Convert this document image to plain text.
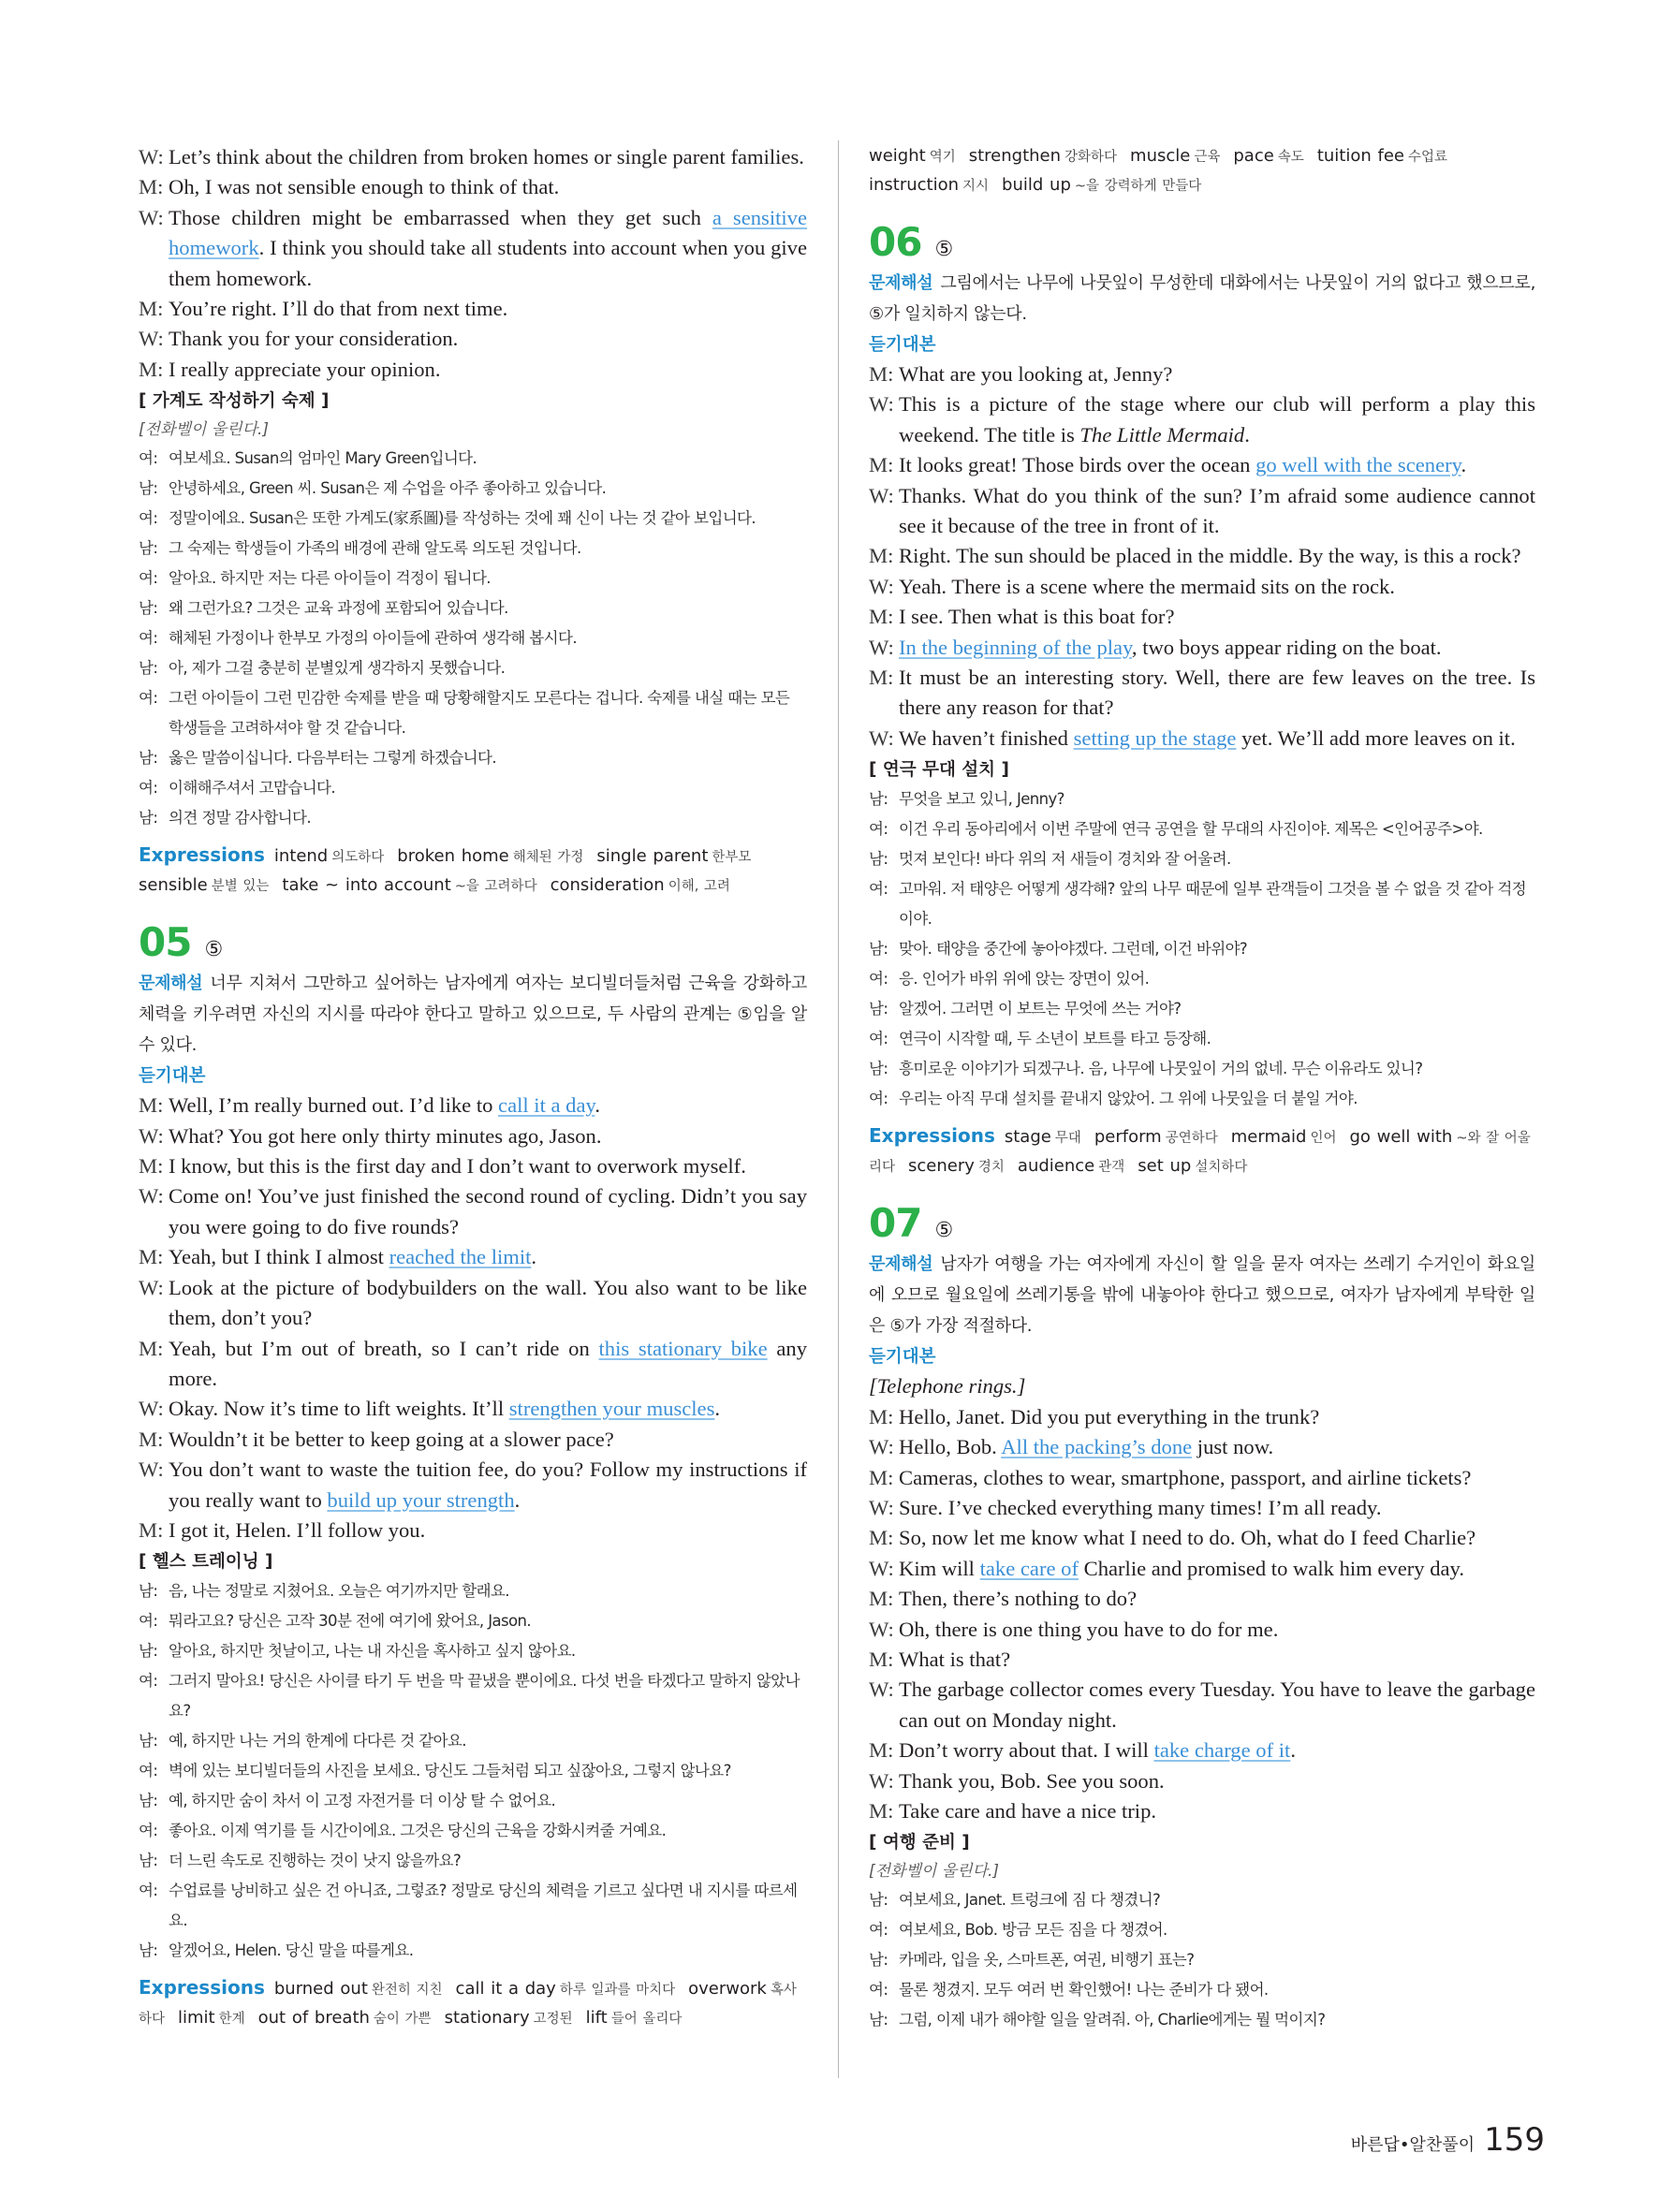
W: Let’s think about the children from broken homes or single parent families.
M: Oh, I was not sensible enough to think of that.
W: Those children might be embarrassed when they get such a sensitive homework. I think you should take all students into account when you give them homework.
M: You’re right. I’ll do that from next time.
W: Thank you for your consideration.
M: I really appreciate your opinion.
[ 가계도 작성하기 숙제 ]
[전화벨이 울린다.]
여: 여보세요. Susan의 엄마인 Mary Green입니다.
남: 안녕하세요, Green 씨. Susan은 제 수업을 아주 좋아하고 있습니다.
여: 정말이에요. Susan은 또한 가계도(家系圖)를 작성하는 것에 꽤 신이 나는 것 같아 보입니다.
남: 그 숙제는 학생들이 가족의 배경에 관해 알도록 의도된 것입니다.
여: 알아요. 하지만 저는 다른 아이들이 걱정이 됩니다.
남: 왜 그런가요? 그것은 교육 과정에 포함되어 있습니다.
여: 해체된 가정이나 한부모 가정의 아이들에 관하여 생각해 봅시다.
남: 아, 제가 그걸 충분히 분별있게 생각하지 못했습니다.
여: 그런 아이들이 그런 민감한 숙제를 받을 때 당황해할지도 모른다는 겁니다. 숙제를 내실 때는 모든 학생들을 고려하셔야 할 것 같습니다.
남: 옳은 말씀이십니다. 다음부터는 그렇게 하겠습니다.
여: 이해해주셔서 고맙습니다.
남: 의견 정말 감사합니다.
Expressions intend 의도하다 broken home 해체된 가정 single parent 한부모sensible 분별 있는 take ~ into account ~을 고려하다 consideration 이해, 고려
05 ⑤
문제해설 너무 지쳐서 그만하고 싶어하는 남자에게 여자는 보디빌더들처럼 근육을 강화하고 체력을 키우려면 자신의 지시를 따라야 한다고 말하고 있으므로, 두 사람의 관계는 ⑤임을 알 수 있다.
듣기대본
M: Well, I’m really burned out. I’d like to call it a day.
W: What? You got here only thirty minutes ago, Jason.
M: I know, but this is the first day and I don’t want to overwork myself.
W: Come on! You’ve just finished the second round of cycling. Didn’t you say you were going to do five rounds?
M: Yeah, but I think I almost reached the limit.
W: Look at the picture of bodybuilders on the wall. You also want to be like them, don’t you?
M: Yeah, but I’m out of breath, so I can’t ride on this stationary bike any more.
W: Okay. Now it’s time to lift weights. It’ll strengthen your muscles.
M: Wouldn’t it be better to keep going at a slower pace?
W: You don’t want to waste the tuition fee, do you? Follow my instructions if you really want to build up your strength.
M: I got it, Helen. I’ll follow you.
[ 헬스 트레이닝 ]
남: 음, 나는 정말로 지쳤어요. 오늘은 여기까지만 할래요.
여: 뭐라고요? 당신은 고작 30분 전에 여기에 왔어요, Jason.
남: 알아요, 하지만 첫날이고, 나는 내 자신을 혹사하고 싶지 않아요.
여: 그러지 말아요! 당신은 사이클 타기 두 번을 막 끝냈을 뿐이에요. 다섯 번을 타겠다고 말하지 않았나요?
남: 예, 하지만 나는 거의 한계에 다다른 것 같아요.
여: 벽에 있는 보디빌더들의 사진을 보세요. 당신도 그들처럼 되고 싶잖아요, 그렇지 않나요?
남: 예, 하지만 숨이 차서 이 고정 자전거를 더 이상 탈 수 없어요.
여: 좋아요. 이제 역기를 들 시간이에요. 그것은 당신의 근육을 강화시켜줄 거예요.
남: 더 느린 속도로 진행하는 것이 낫지 않을까요?
여: 수업료를 낭비하고 싶은 건 아니죠, 그렇죠? 정말로 당신의 체력을 기르고 싶다면 내 지시를 따르세요.
남: 알겠어요, Helen. 당신 말을 따를게요.
Expressions burned out 완전히 지친 call it a day 하루 일과를 마치다 overwork 혹사하다 limit 한계 out of breath 숨이 가쁜 stationary 고정된 lift 들어 올리다
weight 역기 strengthen 강화하다 muscle 근육 pace 속도 tuition fee 수업료instruction 지시 build up ~을 강력하게 만들다
06 ⑤
문제해설 그림에서는 나무에 나뭇잎이 무성한데 대화에서는 나뭇잎이 거의 없다고 했으므로, ⑤가 일치하지 않는다.
듣기대본
M: What are you looking at, Jenny?
W: This is a picture of the stage where our club will perform a play this weekend. The title is The Little Mermaid.
M: It looks great! Those birds over the ocean go well with the scenery.
W: Thanks. What do you think of the sun? I’m afraid some audience cannot see it because of the tree in front of it.
M: Right. The sun should be placed in the middle. By the way, is this a rock?
W: Yeah. There is a scene where the mermaid sits on the rock.
M: I see. Then what is this boat for?
W: In the beginning of the play, two boys appear riding on the boat.
M: It must be an interesting story. Well, there are few leaves on the tree. Is there any reason for that?
W: We haven’t finished setting up the stage yet. We’ll add more leaves on it.
[ 연극 무대 설치 ]
남: 무엇을 보고 있니, Jenny?
여: 이건 우리 동아리에서 이번 주말에 연극 공연을 할 무대의 사진이야. 제목은 <인어공주>야.
남: 멋져 보인다! 바다 위의 저 새들이 경치와 잘 어울려.
여: 고마워. 저 태양은 어떻게 생각해? 앞의 나무 때문에 일부 관객들이 그것을 볼 수 없을 것 같아 걱정이야.
남: 맞아. 태양을 중간에 놓아야겠다. 그런데, 이건 바위야?
여: 응. 인어가 바위 위에 앉는 장면이 있어.
남: 알겠어. 그러면 이 보트는 무엇에 쓰는 거야?
여: 연극이 시작할 때, 두 소년이 보트를 타고 등장해.
남: 흥미로운 이야기가 되겠구나. 음, 나무에 나뭇잎이 거의 없네. 무슨 이유라도 있니?
여: 우리는 아직 무대 설치를 끝내지 않았어. 그 위에 나뭇잎을 더 붙일 거야.
Expressions stage 무대 perform 공연하다 mermaid 인어 go well with ~와 잘 어울리다 scenery 경치 audience 관객 set up 설치하다
07 ⑤
문제해설 남자가 여행을 가는 여자에게 자신이 할 일을 묻자 여자는 쓰레기 수거인이 화요일에 오므로 월요일에 쓰레기통을 밖에 내놓아야 한다고 했으므로, 여자가 남자에게 부탁한 일은 ⑤가 가장 적절하다.
듣기대본
[Telephone rings.]
M: Hello, Janet. Did you put everything in the trunk?
W: Hello, Bob. All the packing’s done just now.
M: Cameras, clothes to wear, smartphone, passport, and airline tickets?
W: Sure. I’ve checked everything many times! I’m all ready.
M: So, now let me know what I need to do. Oh, what do I feed Charlie?
W: Kim will take care of Charlie and promised to walk him every day.
M: Then, there’s nothing to do?
W: Oh, there is one thing you have to do for me.
M: What is that?
W: The garbage collector comes every Tuesday. You have to leave the garbage can out on Monday night.
M: Don’t worry about that. I will take charge of it.
W: Thank you, Bob. See you soon.
M: Take care and have a nice trip.
[ 여행 준비 ]
[전화벨이 울린다.]
남: 여보세요, Janet. 트렁크에 짐 다 챙겼니?
여: 여보세요, Bob. 방금 모든 짐을 다 챙겼어.
남: 카메라, 입을 옷, 스마트폰, 여권, 비행기 표는?
여: 물론 챙겼지. 모두 여러 번 확인했어! 나는 준비가 다 됐어.
남: 그럼, 이제 내가 해야할 일을 알려줘. 아, Charlie에게는 뭘 먹이지?
바른답•알찬풀이 159
